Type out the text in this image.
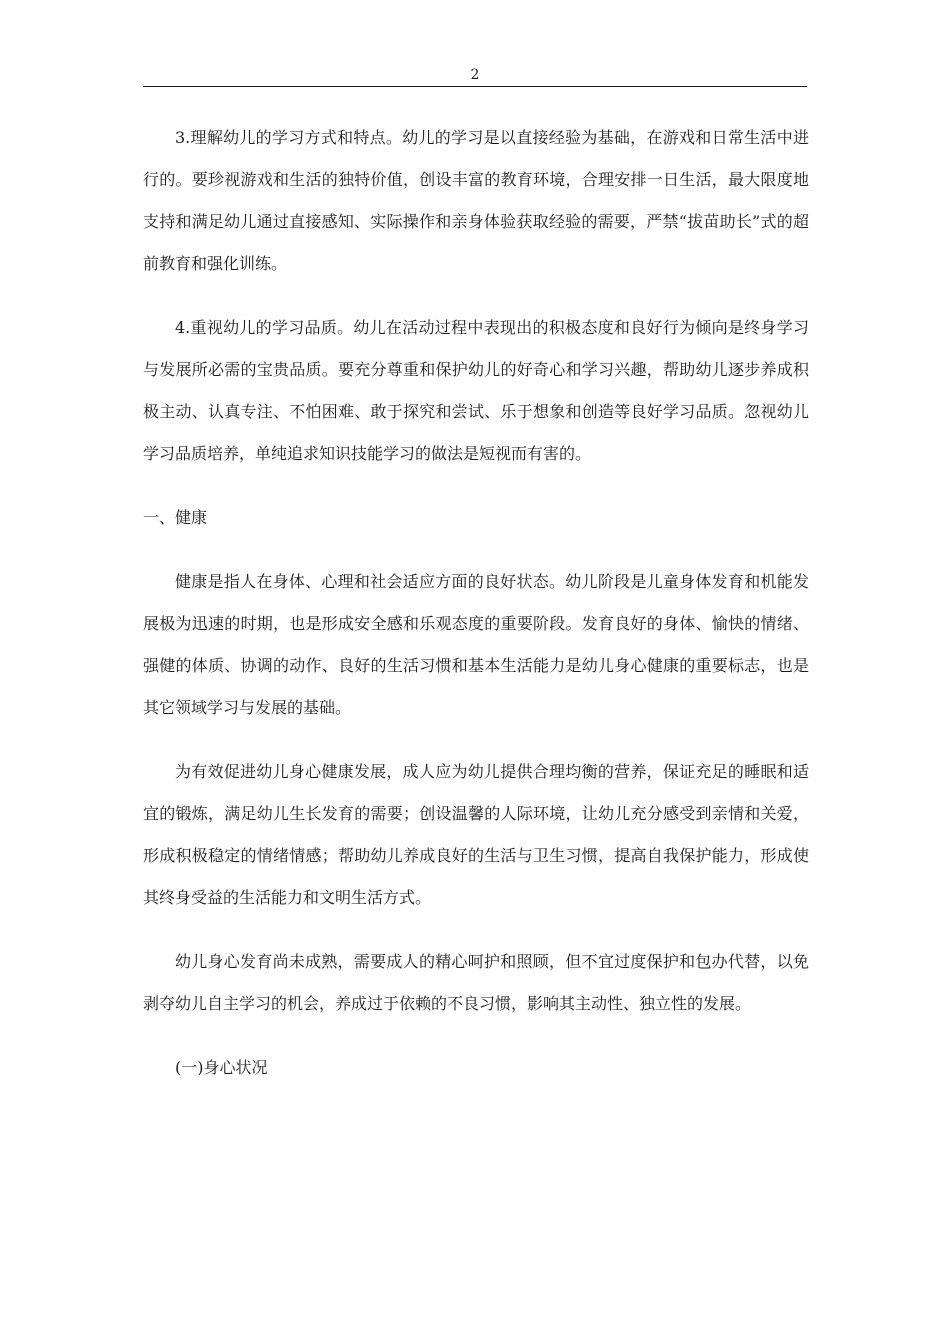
2

3.理解幼儿的学习方式和特点。幼儿的学习是以直接经验为基础，在游戏和日常生活中进行的。要珍视游戏和生活的独特价值，创设丰富的教育环境，合理安排一日生活，最大限度地支持和满足幼儿通过直接感知、实际操作和亲身体验获取经验的需要，严禁“拔苗助长”式的超前教育和强化训练。

4.重视幼儿的学习品质。幼儿在活动过程中表现出的积极态度和良好行为倾向是终身学习与发展所必需的宝贵品质。要充分尊重和保护幼儿的好奇心和学习兴趣，帮助幼儿逐步养成积极主动、认真专注、不怕困难、敢于探究和尝试、乐于想象和创造等良好学习品质。忽视幼儿学习品质培养，单纯追求知识技能学习的做法是短视而有害的。

一、健康

健康是指人在身体、心理和社会适应方面的良好状态。幼儿阶段是儿童身体发育和机能发展极为迅速的时期，也是形成安全感和乐观态度的重要阶段。发育良好的身体、愉快的情绪、强健的体质、协调的动作、良好的生活习惯和基本生活能力是幼儿身心健康的重要标志，也是其它领域学习与发展的基础。

为有效促进幼儿身心健康发展，成人应为幼儿提供合理均衡的营养，保证充足的睡眠和适宜的锻炼，满足幼儿生长发育的需要；创设温馨的人际环境，让幼儿充分感受到亲情和关爱，形成积极稳定的情绪情感；帮助幼儿养成良好的生活与卫生习惯，提高自我保护能力，形成使其终身受益的生活能力和文明生活方式。

幼儿身心发育尚未成熟，需要成人的精心呵护和照顾，但不宜过度保护和包办代替，以免剥夺幼儿自主学习的机会，养成过于依赖的不良习惯，影响其主动性、独立性的发展。

(一)身心状况
